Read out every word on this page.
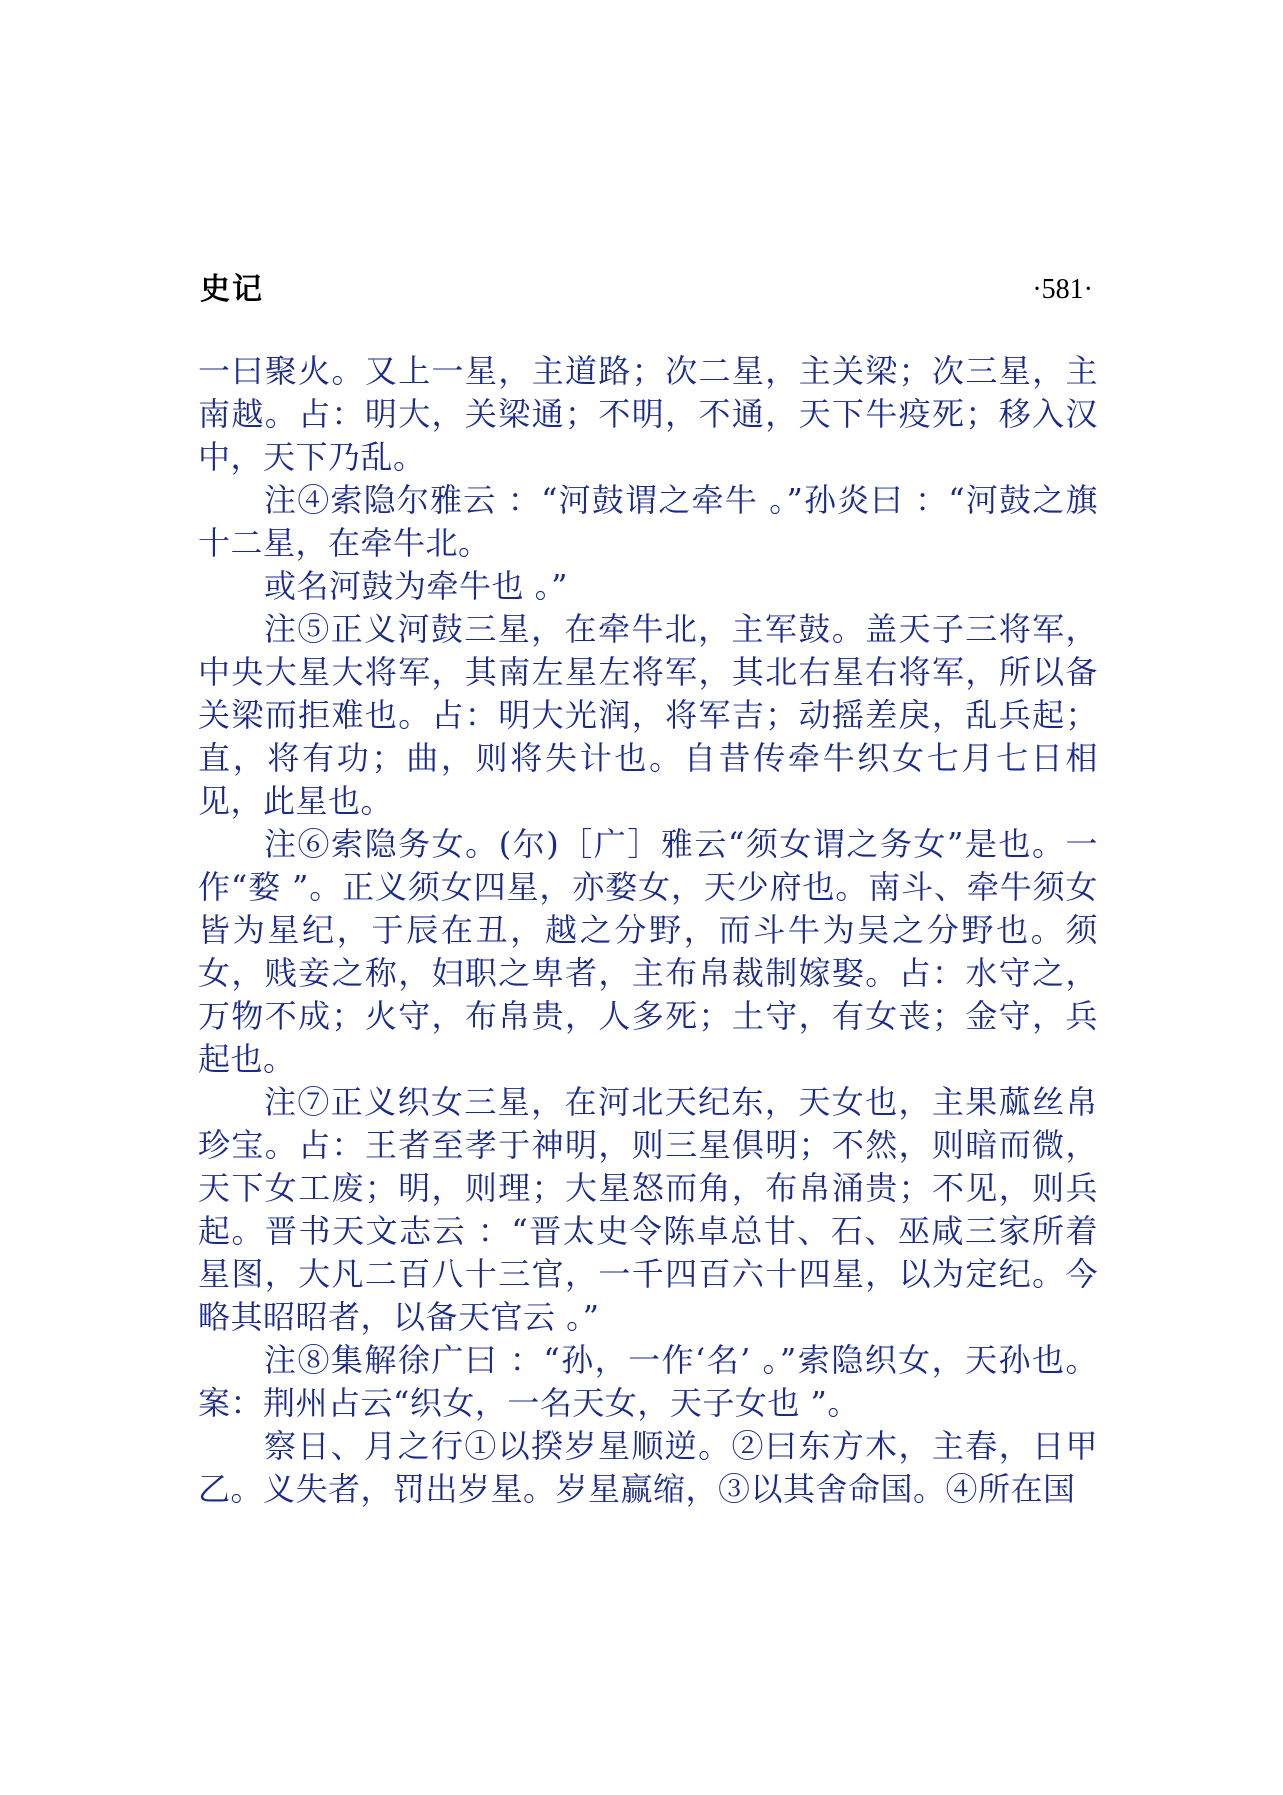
史记	·581·

一曰聚火。又上一星，主道路；次二星，主关梁；次三星，主南越。占：明大，关梁通；不明，不通，天下牛疫死；移入汉中，天下乃乱。

注④索隐尔雅云 ：“河鼓谓之牵牛 。”孙炎曰 ：“河鼓之旗十二星，在牵牛北。

或名河鼓为牵牛也 。”

注⑤正义河鼓三星，在牵牛北，主军鼓。盖天子三将军，中央大星大将军，其南左星左将军，其北右星右将军，所以备关梁而拒难也。占：明大光润，将军吉；动摇差戾，乱兵起；直，将有功；曲，则将失计也。自昔传牵牛织女七月七日相见，此星也。

注⑥索隐务女。(尔)［广］雅云“须女谓之务女”是也。一作“婺 ”。正义须女四星，亦婺女，天少府也。南斗、牵牛须女皆为星纪，于辰在丑，越之分野，而斗牛为吴之分野也。须女，贱妾之称，妇职之卑者，主布帛裁制嫁娶。占：水守之，万物不成；火守，布帛贵，人多死；土守，有女丧；金守，兵起也。

注⑦正义织女三星，在河北天纪东，天女也，主果蓏丝帛珍宝。占：王者至孝于神明，则三星俱明；不然，则暗而微，天下女工废；明，则理；大星怒而角，布帛涌贵；不见，则兵起。晋书天文志云 ：“晋太史令陈卓总甘、石、巫咸三家所着星图，大凡二百八十三官，一千四百六十四星，以为定纪。今略其昭昭者，以备天官云 。”

注⑧集解徐广曰 ：“孙，一作‘名’ 。”索隐织女，天孙也。案：荆州占云“织女，一名天女，天子女也 ”。

察日、月之行①以揆岁星顺逆。②曰东方木，主春，日甲乙。义失者，罚出岁星。岁星赢缩，③以其舍命国。④所在国
